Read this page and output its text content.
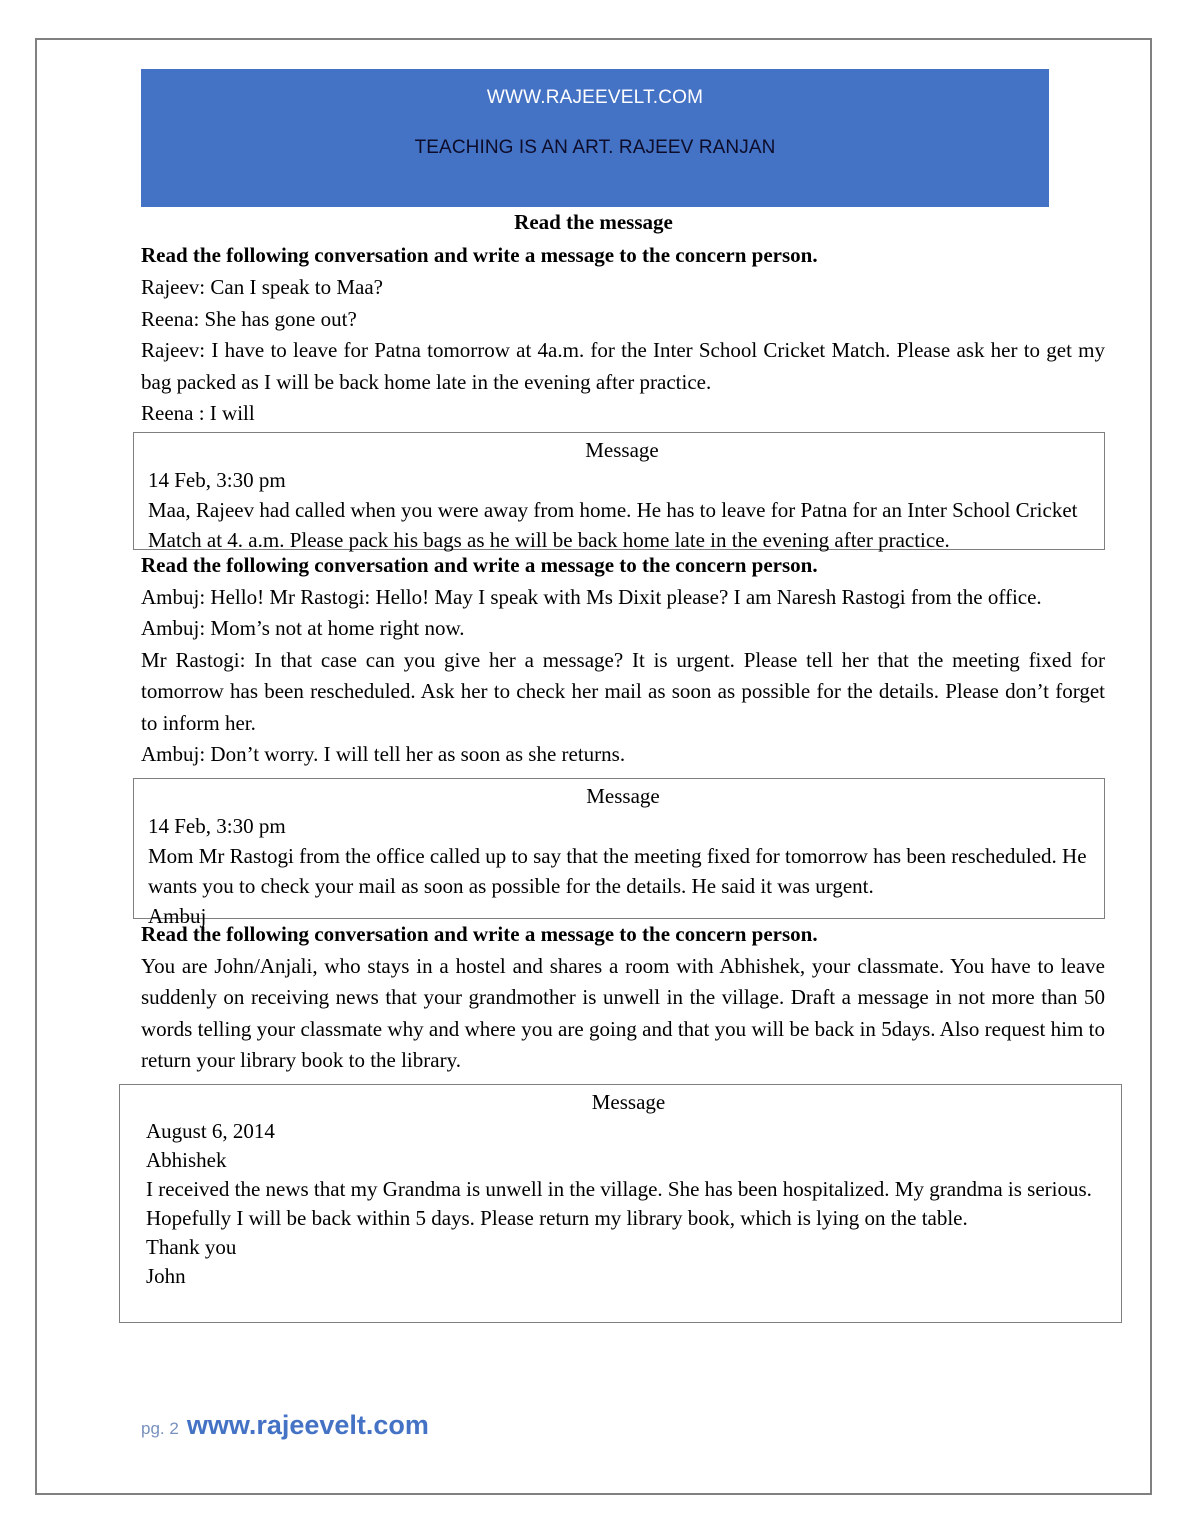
WWW.RAJEEVELT.COM
TEACHING IS AN ART. RAJEEV RANJAN
Read the message
Read the following conversation and write a message to the concern person.

Rajeev: Can I speak to Maa?

Reena: She has gone out?

Rajeev: I have to leave for Patna tomorrow at 4a.m. for the Inter School Cricket Match. Please ask her to get my bag packed as I will be back home late in the evening after practice.

Reena : I will

Message
14 Feb, 3:30 pm
Maa, Rajeev had called when you were away from home. He has to leave for Patna for an Inter School Cricket Match at 4. a.m. Please pack his bags as he will be back home late in the evening after practice.
Read the following conversation and write a message to the concern person.

Ambuj: Hello! Mr Rastogi: Hello! May I speak with Ms Dixit please? I am Naresh Rastogi from the office.

Ambuj: Mom’s not at home right now.

Mr Rastogi: In that case can you give her a message? It is urgent. Please tell her that the meeting fixed for tomorrow has been rescheduled. Ask her to check her mail as soon as possible for the details. Please don’t forget to inform her.

Ambuj: Don’t worry. I will tell her as soon as she returns.

Message
14 Feb, 3:30 pm
Mom Mr Rastogi from the office called up to say that the meeting fixed for tomorrow has been rescheduled. He wants you to check your mail as soon as possible for the details. He said it was urgent.
Ambuj
Read the following conversation and write a message to the concern person.

You are John/Anjali, who stays in a hostel and shares a room with Abhishek, your classmate. You have to leave suddenly on receiving news that your grandmother is unwell in the village. Draft a message in not more than 50 words telling your classmate why and where you are going and that you will be back in 5days. Also request him to return your library book to the library.

Message
August 6, 2014
Abhishek
I received the news that my Grandma is unwell in the village. She has been hospitalized. My grandma is serious. Hopefully I will be back within 5 days. Please return my library book, which is lying on the table.
Thank you
John
pg. 2 www.rajeevelt.com
